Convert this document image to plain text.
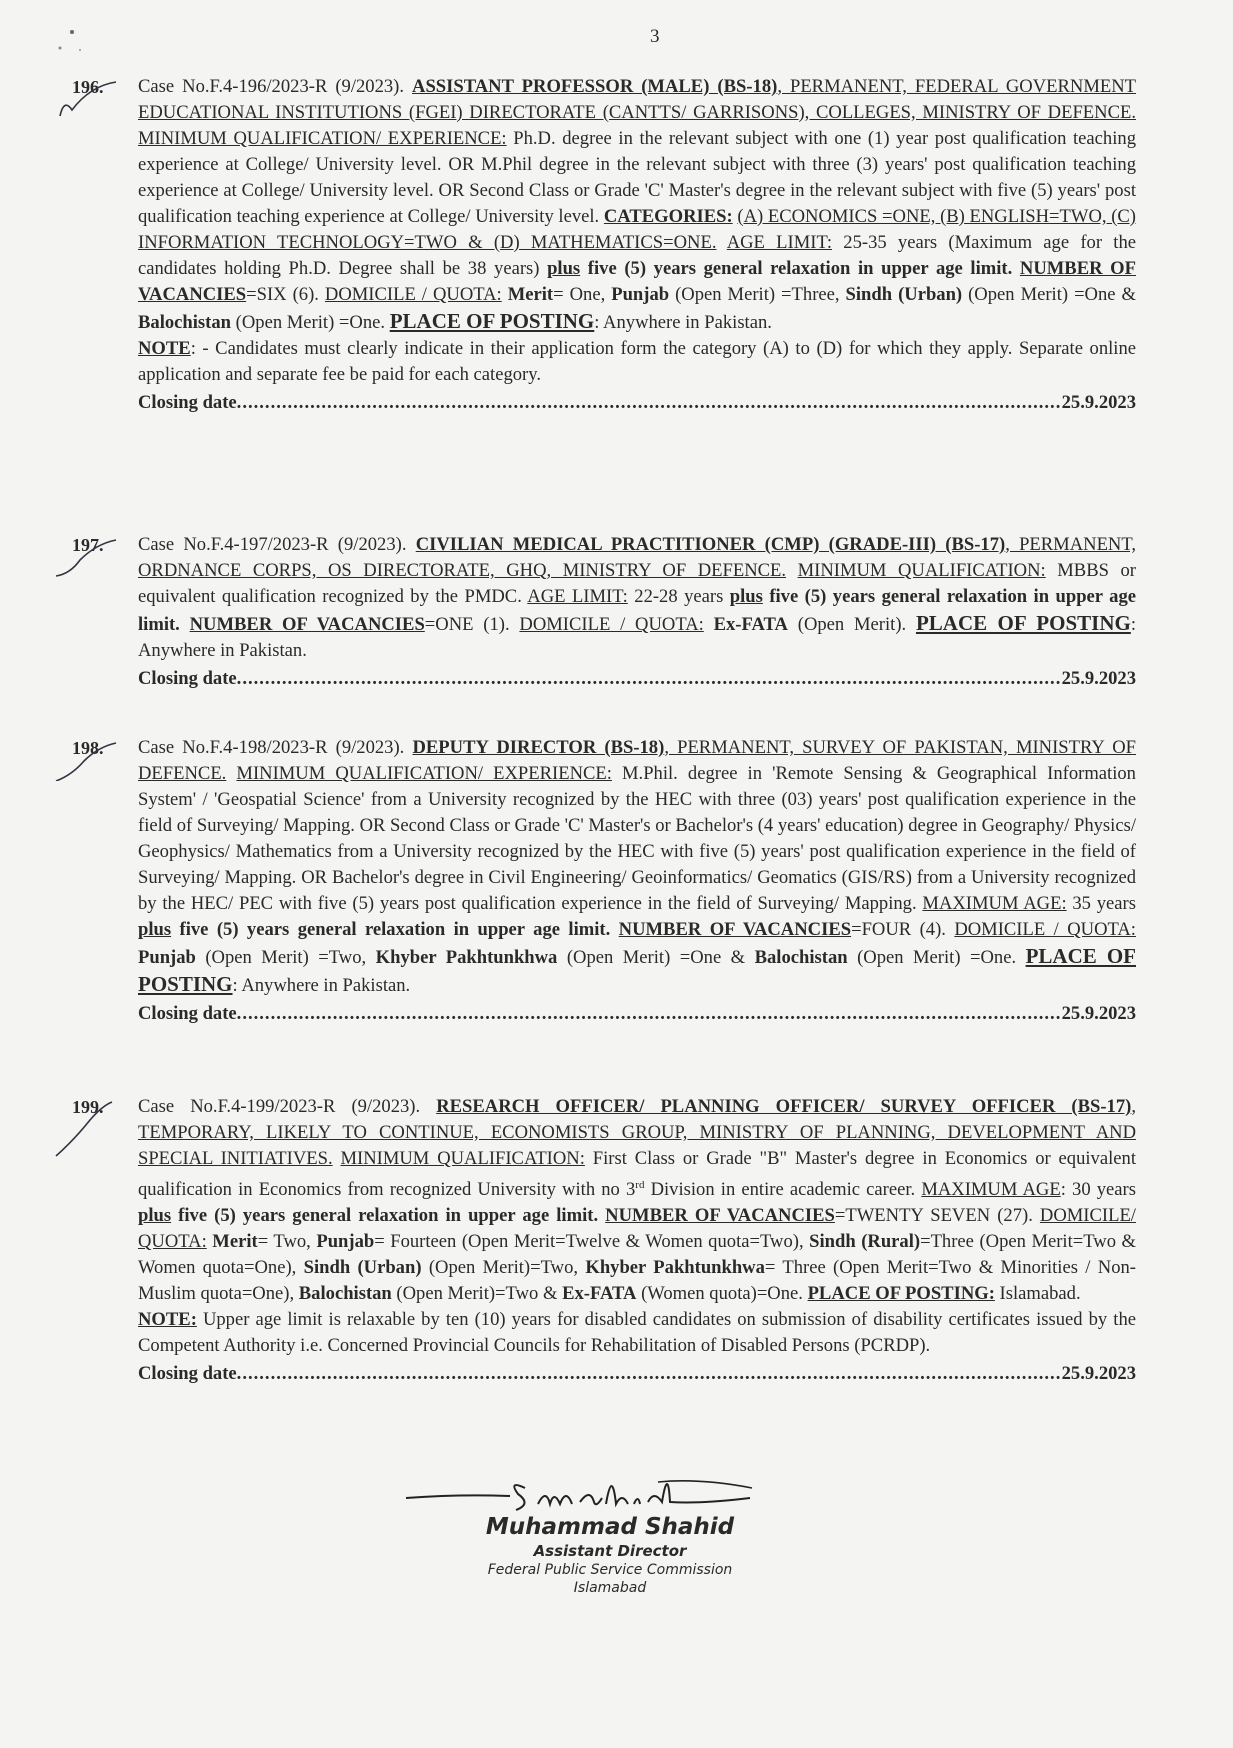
3
196. Case No.F.4-196/2023-R (9/2023). ASSISTANT PROFESSOR (MALE) (BS-18), PERMANENT, FEDERAL GOVERNMENT EDUCATIONAL INSTITUTIONS (FGEI) DIRECTORATE (CANTTS/ GARRISONS), COLLEGES, MINISTRY OF DEFENCE. MINIMUM QUALIFICATION/ EXPERIENCE: Ph.D. degree in the relevant subject with one (1) year post qualification teaching experience at College/ University level. OR M.Phil degree in the relevant subject with three (3) years' post qualification teaching experience at College/ University level. OR Second Class or Grade 'C' Master's degree in the relevant subject with five (5) years' post qualification teaching experience at College/ University level. CATEGORIES: (A) ECONOMICS =ONE, (B) ENGLISH=TWO, (C) INFORMATION TECHNOLOGY=TWO & (D) MATHEMATICS=ONE. AGE LIMIT: 25-35 years (Maximum age for the candidates holding Ph.D. Degree shall be 38 years) plus five (5) years general relaxation in upper age limit. NUMBER OF VACANCIES=SIX (6). DOMICILE / QUOTA: Merit= One, Punjab (Open Merit) =Three, Sindh (Urban) (Open Merit) =One & Balochistan (Open Merit) =One. PLACE OF POSTING: Anywhere in Pakistan.

NOTE: - Candidates must clearly indicate in their application form the category (A) to (D) for which they apply. Separate online application and separate fee be paid for each category.

Closing date .....	25.9.2023
197. Case No.F.4-197/2023-R (9/2023). CIVILIAN MEDICAL PRACTITIONER (CMP) (GRADE-III) (BS-17), PERMANENT, ORDNANCE CORPS, OS DIRECTORATE, GHQ, MINISTRY OF DEFENCE. MINIMUM QUALIFICATION: MBBS or equivalent qualification recognized by the PMDC. AGE LIMIT: 22-28 years plus five (5) years general relaxation in upper age limit. NUMBER OF VACANCIES=ONE (1). DOMICILE / QUOTA: Ex-FATA (Open Merit). PLACE OF POSTING: Anywhere in Pakistan.

Closing date .....	25.9.2023
198. Case No.F.4-198/2023-R (9/2023). DEPUTY DIRECTOR (BS-18), PERMANENT, SURVEY OF PAKISTAN, MINISTRY OF DEFENCE. MINIMUM QUALIFICATION/ EXPERIENCE: M.Phil. degree in 'Remote Sensing & Geographical Information System' / 'Geospatial Science' from a University recognized by the HEC with three (03) years' post qualification experience in the field of Surveying/ Mapping. OR Second Class or Grade 'C' Master's or Bachelor's (4 years' education) degree in Geography/ Physics/ Geophysics/ Mathematics from a University recognized by the HEC with five (5) years' post qualification experience in the field of Surveying/ Mapping. OR Bachelor's degree in Civil Engineering/ Geoinformatics/ Geomatics (GIS/RS) from a University recognized by the HEC/ PEC with five (5) years post qualification experience in the field of Surveying/ Mapping. MAXIMUM AGE: 35 years plus five (5) years general relaxation in upper age limit. NUMBER OF VACANCIES=FOUR (4). DOMICILE / QUOTA: Punjab (Open Merit) =Two, Khyber Pakhtunkhwa (Open Merit) =One & Balochistan (Open Merit) =One. PLACE OF POSTING: Anywhere in Pakistan.

Closing date .....	25.9.2023
199. Case No.F.4-199/2023-R (9/2023). RESEARCH OFFICER/ PLANNING OFFICER/ SURVEY OFFICER (BS-17), TEMPORARY, LIKELY TO CONTINUE, ECONOMISTS GROUP, MINISTRY OF PLANNING, DEVELOPMENT AND SPECIAL INITIATIVES. MINIMUM QUALIFICATION: First Class or Grade "B" Master's degree in Economics or equivalent qualification in Economics from recognized University with no 3rd Division in entire academic career. MAXIMUM AGE: 30 years plus five (5) years general relaxation in upper age limit. NUMBER OF VACANCIES=TWENTY SEVEN (27). DOMICILE/ QUOTA: Merit= Two, Punjab= Fourteen (Open Merit=Twelve & Women quota=Two), Sindh (Rural)=Three (Open Merit=Two & Women quota=One), Sindh (Urban) (Open Merit)=Two, Khyber Pakhtunkhwa= Three (Open Merit=Two & Minorities / Non-Muslim quota=One), Balochistan (Open Merit)=Two & Ex-FATA (Women quota)=One. PLACE OF POSTING: Islamabad.

NOTE: Upper age limit is relaxable by ten (10) years for disabled candidates on submission of disability certificates issued by the Competent Authority i.e. Concerned Provincial Councils for Rehabilitation of Disabled Persons (PCRDP).

Closing date .....	25.9.2023
Muhammad Shahid
Assistant Director
Federal Public Service Commission
Islamabad
